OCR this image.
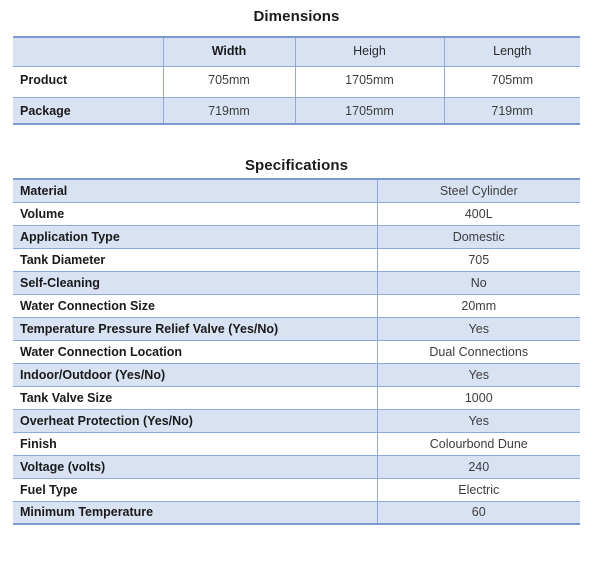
Dimensions
	Width	Heigh	Length
Product	705mm	1705mm	705mm
Package	719mm	1705mm	719mm
Specifications
Material	Steel Cylinder
Volume	400L
Application Type	Domestic
Tank Diameter	705
Self-Cleaning	No
Water Connection Size	20mm
Temperature Pressure Relief Valve (Yes/No)	Yes
Water Connection Location	Dual Connections
Indoor/Outdoor (Yes/No)	Yes
Tank Valve Size	1000
Overheat Protection (Yes/No)	Yes
Finish	Colourbond Dune
Voltage (volts)	240
Fuel Type	Electric
Minimum Temperature	60
